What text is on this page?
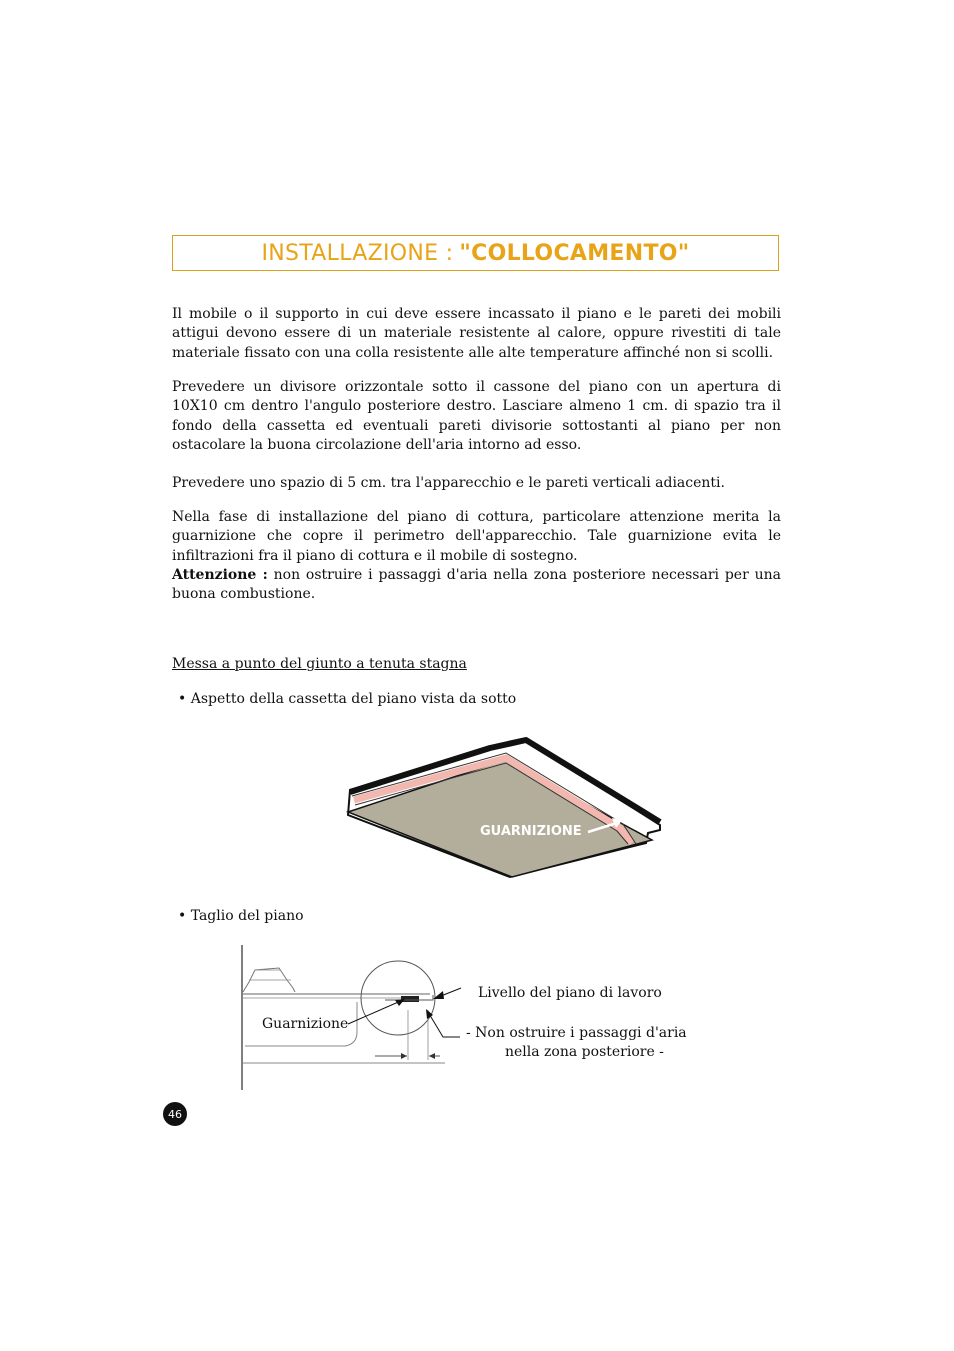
INSTALLAZIONE : "COLLOCAMENTO"

Il mobile o il supporto in cui deve essere incassato il piano e le pareti dei mobili attigui devono essere di un materiale resistente al calore, oppure rivestiti di tale materiale fissato con una colla resistente alle alte temperature affinché non si scolli.

Prevedere un divisore orizzontale sotto il cassone del piano con un apertura di 10X10 cm dentro l'angulo posteriore destro. Lasciare almeno 1 cm. di spazio tra il fondo della cassetta ed eventuali pareti divisorie sottostanti al piano per non ostacolare la buona circolazione dell'aria intorno ad esso.

Prevedere uno spazio di 5 cm. tra l'apparecchio e le pareti verticali adiacenti.

Nella fase di installazione del piano di cottura, particolare attenzione merita la guarnizione che copre il perimetro dell'apparecchio. Tale guarnizione evita le infiltrazioni fra il piano di cottura e il mobile di sostegno.

Attenzione : non ostruire i passaggi d'aria nella zona posteriore necessari per una buona combustione.

Messa a punto del giunto a tenuta stagna

• Aspetto della cassetta del piano vista da sotto

GUARNIZIONE

• Taglio del piano

Guarnizione

Livello del piano di lavoro

- Non ostruire i passaggi d'aria

nella zona posteriore -

46
